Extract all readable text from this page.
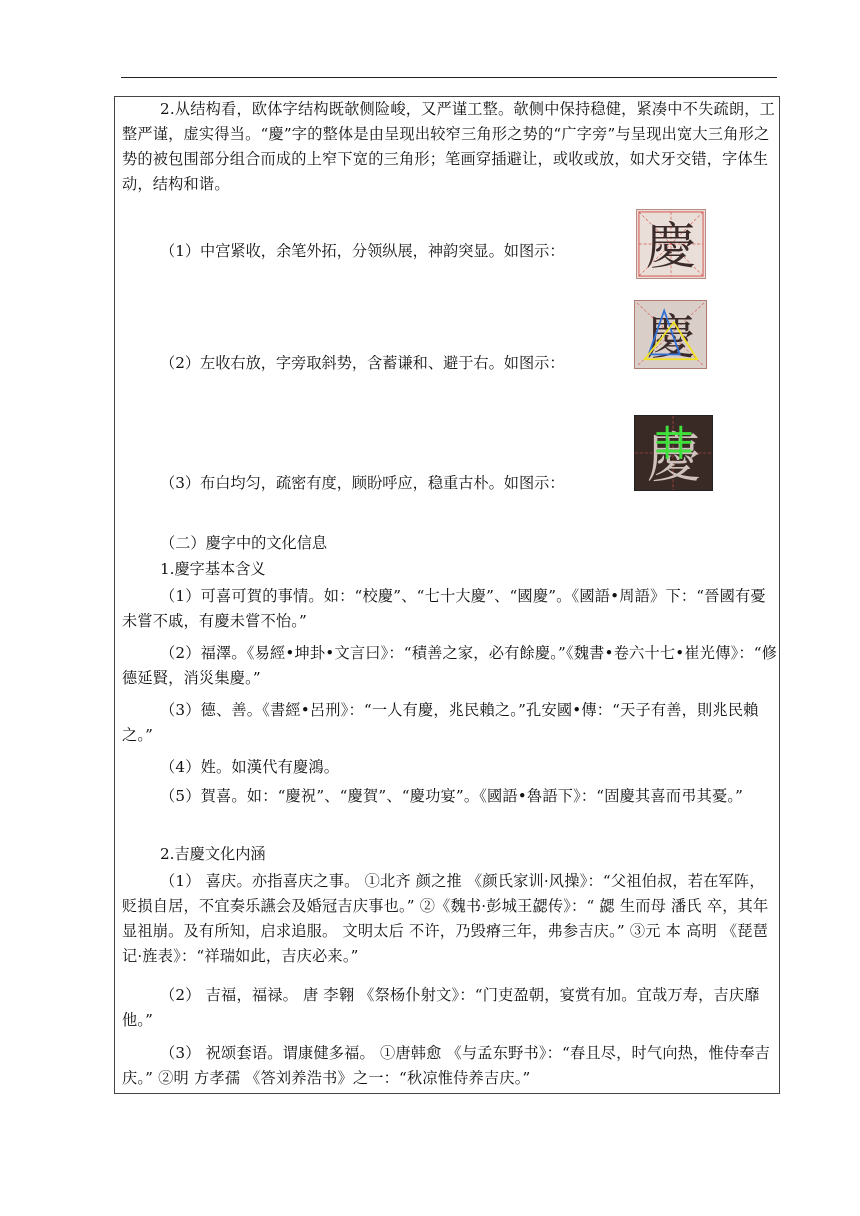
2.从结构看，欧体字结构既欹侧险峻，又严谨工整。欹侧中保持稳健，紧凑中不失疏朗，工整严谨，虚实得当。“慶”字的整体是由呈现出较窄三角形之势的“广字旁”与呈现出宽大三角形之势的被包围部分组合而成的上窄下宽的三角形；笔画穿插避让，或收或放，如犬牙交错，字体生动，结构和谐。

（1）中宫紧收，余笔外拓，分领纵展，神韵突显。如图示： 慶

（2）左收右放，字旁取斜势，含蓄谦和、避于右。如图示： 慶

（3）布白均匀，疏密有度，顾盼呼应，稳重古朴。如图示： 慶

（二）慶字中的文化信息

1.慶字基本含义

（1）可喜可賀的事情。如：“校慶”、“七十大慶”、“國慶”。《國語•周語》下：“晉國有憂未嘗不戚，有慶未嘗不怡。”

（2）福澤。《易經•坤卦•文言曰》：“積善之家，必有餘慶。”《魏書•卷六十七•崔光傳》：“修德延賢，消災集慶。”

（3）德、善。《書經•呂刑》：“一人有慶，兆民賴之。”孔安國•傳：“天子有善，則兆民賴之。”

（4）姓。如漢代有慶鴻。

（5）賀喜。如：“慶祝”、“慶賀”、“慶功宴”。《國語•魯語下》：“固慶其喜而弔其憂。”

2.吉慶文化内涵

（1） 喜庆。亦指喜庆之事。 ①北齐 颜之推 《颜氏家训·风操》：“父祖伯叔，若在军阵，贬损自居，不宜奏乐讌会及婚冠吉庆事也。” ②《魏书·彭城王勰传》：“ 勰 生而母 潘氏 卒，其年显祖崩。及有所知，启求追服。 文明太后 不许，乃毁瘠三年，弗参吉庆。” ③元 本 高明 《琵琶记·旌表》：“祥瑞如此，吉庆必来。”

（2） 吉福，福禄。 唐 李翱 《祭杨仆射文》：“门吏盈朝，宴赏有加。宜哉万寿，吉庆靡他。”

（3） 祝颂套语。谓康健多福。 ①唐韩愈 《与孟东野书》：“春且尽，时气向热，惟侍奉吉庆。” ②明 方孝孺 《答刘养浩书》之一：“秋凉惟侍养吉庆。”
